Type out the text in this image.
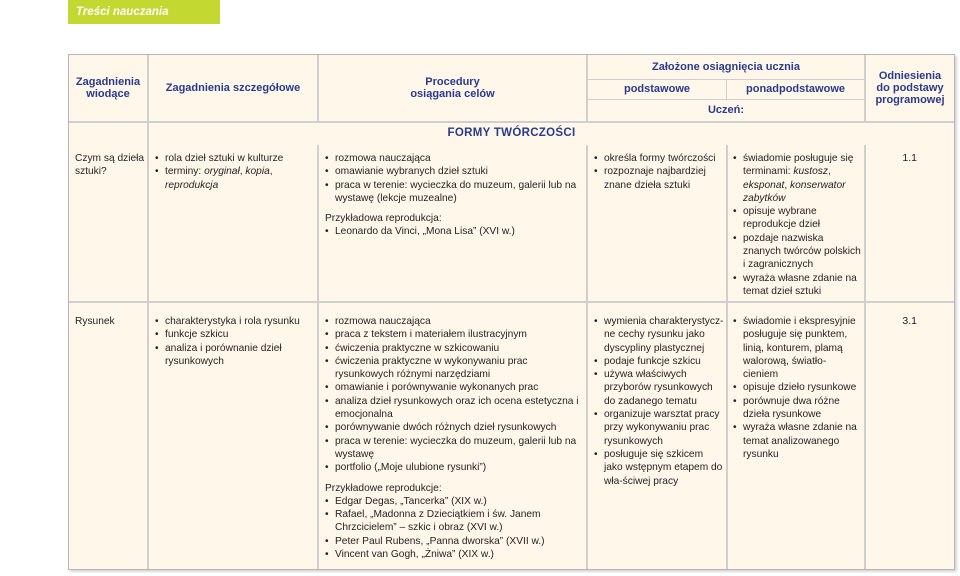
Treści nauczania
Zagadnienia wiodące	Zagadnienia szczegółowe	Procedury osiągania celów
Założone osiągnięcia ucznia
podstawowe	ponadpodstawowe
Uczeń:
Odniesienia do podstawy programowej
FORMY TWÓRCZOŚCI
Czym są dzieła sztuki?
• rola dzieł sztuki w kulturze
• terminy: oryginał, kopia, reprodukcja
• rozmowa nauczająca
• omawianie wybranych dzieł sztuki
• praca w terenie: wycieczka do muzeum, galerii lub na wystawę (lekcje muzealne)
Przykładowa reprodukcja:
• Leonardo da Vinci, „Mona Lisa” (XVI w.)
• określa formy twórczości
• rozpoznaje najbardziej znane dzieła sztuki
• świadomie posługuje się terminami: kustosz, eksponat, konserwator zabytków
• opisuje wybrane reprodukcje dzieł
• pozdaje nazwiska znanych twórców polskich i zagranicznych
• wyraża własne zdanie na temat dzieł sztuki
1.1
Rysunek
•	charakterystyka i rola rysunku
• funkcje szkicu
• analiza i porównanie dzieł rysunkowych
• rozmowa nauczająca
• praca z tekstem i materiałem ilustracyjnym
• ćwiczenia praktyczne w szkicowaniu
• ćwiczenia praktyczne w wykonywaniu prac rysunkowych różnymi narzędziami
• omawianie i porównywanie wykonanych prac
• analiza dzieł rysunkowych oraz ich ocena estetyczna i emocjonalna
• porównywanie dwóch różnych dzieł rysunkowych
• praca w terenie: wycieczka do muzeum, galerii lub na wystawę
• portfolio („Moje ulubione rysunki”)
Przykładowe reprodukcje:
• Edgar Degas, „Tancerka” (XIX w.)
• Rafael, „Madonna z Dzieciątkiem i św. Janem Chrzcicielem” – szkic i obraz (XVI w.)
• Peter Paul Rubens, „Panna dworska” (XVII w.)
• Vincent van Gogh, „Żniwa” (XIX w.)
• wymienia charakterystycz-ne cechy rysunku jako dyscypliny plastycznej
• podaje funkcje szkicu
• używa właściwych przyborów rysunkowych do zadanego tematu
• organizuje warsztat pracy przy wykonywaniu prac rysunkowych
• posługuje się szkicem jako wstępnym etapem do wła-ściwej pracy
• świadomie i ekspresyjnie posługuje się punktem, linią, konturem, plamą walorową, światło-cieniem
• opisuje dzieło rysunkowe
• porównuje dwa różne dzieła rysunkowe
• wyraża własne zdanie na temat analizowanego rysunku
3.1
